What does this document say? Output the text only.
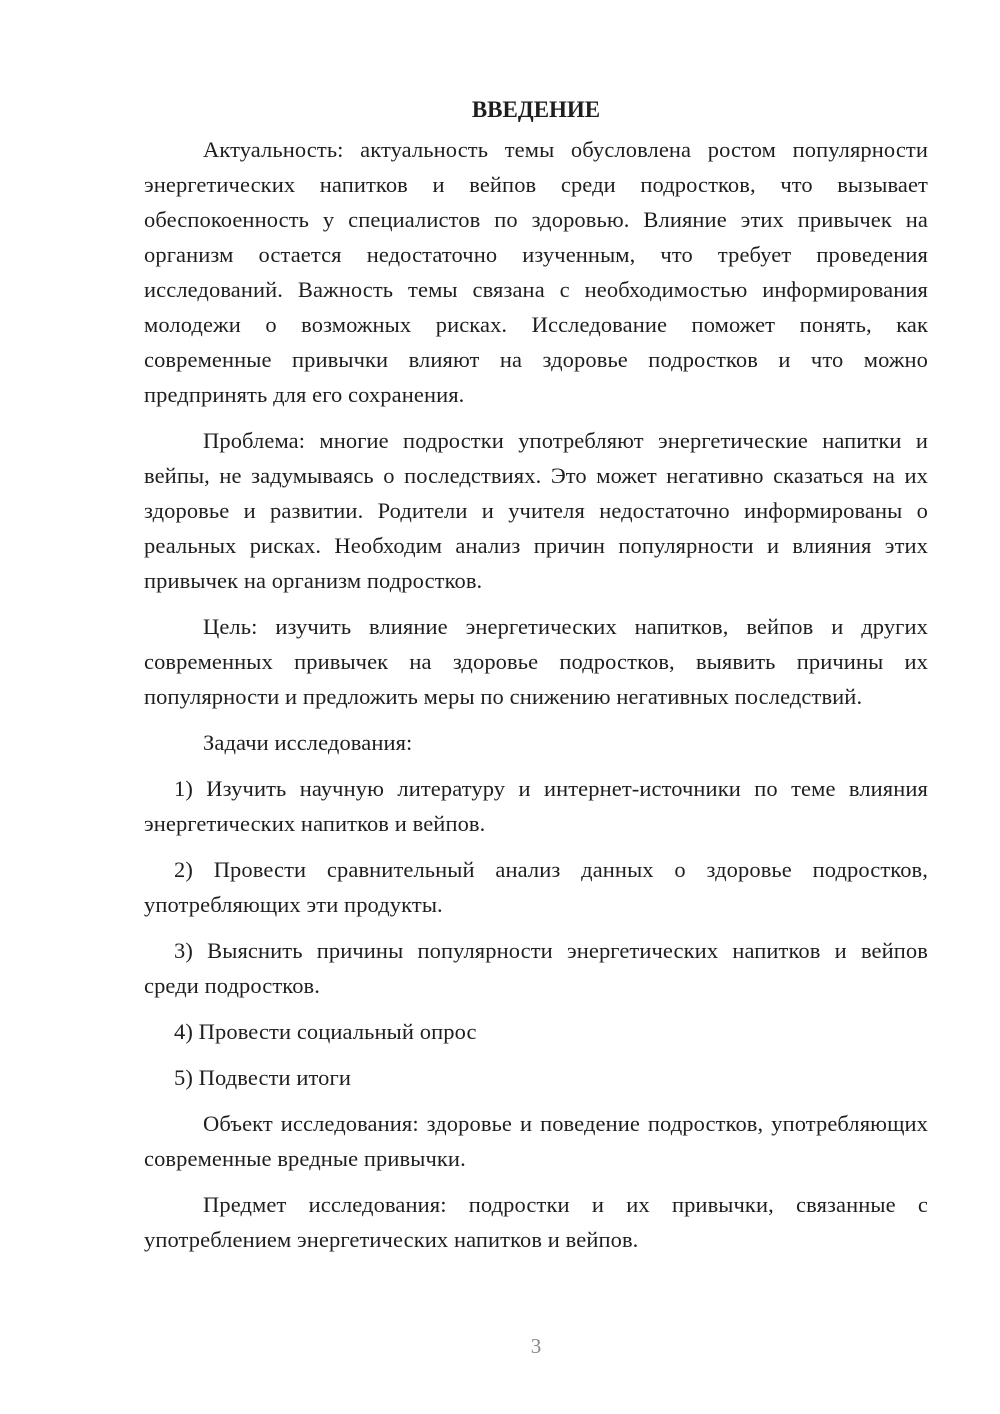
ВВЕДЕНИЕ

Актуальность: актуальность темы обусловлена ростом популярности энергетических напитков и вейпов среди подростков, что вызывает обеспокоенность у специалистов по здоровью. Влияние этих привычек на организм остается недостаточно изученным, что требует проведения исследований. Важность темы связана с необходимостью информирования молодежи о возможных рисках. Исследование поможет понять, как современные привычки влияют на здоровье подростков и что можно предпринять для его сохранения.

Проблема: многие подростки употребляют энергетические напитки и вейпы, не задумываясь о последствиях. Это может негативно сказаться на их здоровье и развитии. Родители и учителя недостаточно информированы о реальных рисках. Необходим анализ причин популярности и влияния этих привычек на организм подростков.

Цель: изучить влияние энергетических напитков, вейпов и других современных привычек на здоровье подростков, выявить причины их популярности и предложить меры по снижению негативных последствий.

Задачи исследования:

1) Изучить научную литературу и интернет-источники по теме влияния энергетических напитков и вейпов.

2) Провести сравнительный анализ данных о здоровье подростков, употребляющих эти продукты.

3) Выяснить причины популярности энергетических напитков и вейпов среди подростков.

4) Провести социальный опрос

5) Подвести итоги

Объект исследования: здоровье и поведение подростков, употребляющих современные вредные привычки.

Предмет исследования: подростки и их привычки, связанные с употреблением энергетических напитков и вейпов.

3
